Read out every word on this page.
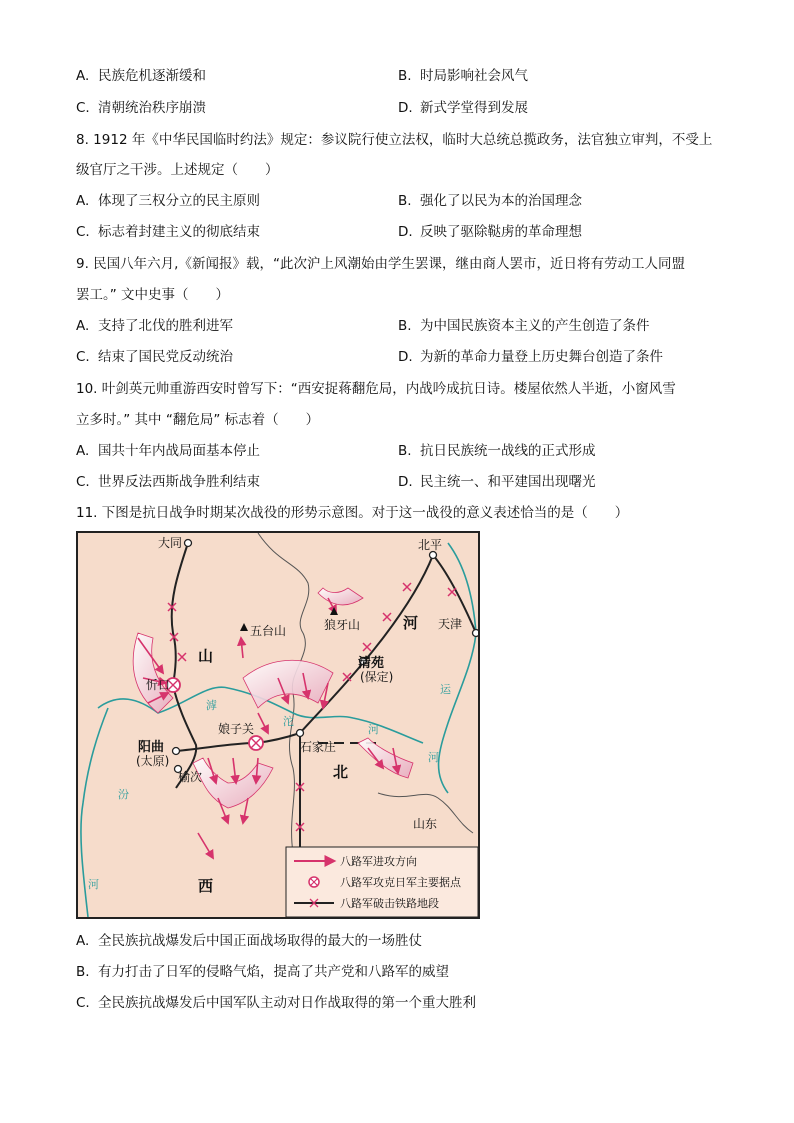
A. 民族危机逐渐缓和	B. 时局影响社会风气
C. 清朝统治秩序崩溃	D. 新式学堂得到发展
8. 1912 年《中华民国临时约法》规定：参议院行使立法权，临时大总统总揽政务，法官独立审判，不受上
级官厅之干涉。上述规定（　　）
A. 体现了三权分立的民主原则	B. 强化了以民为本的治国理念
C. 标志着封建主义的彻底结束	D. 反映了驱除鞑虏的革命理想
9. 民国八年六月,《新闻报》载，“此次沪上风潮始由学生罢课，继由商人罢市，近日将有劳动工人同盟
罢工。” 文中史事（　　）
A. 支持了北伐的胜利进军	B. 为中国民族资本主义的产生创造了条件
C. 结束了国民党反动统治	D. 为新的革命力量登上历史舞台创造了条件
10. 叶剑英元帅重游西安时曾写下：“西安捉蒋翻危局，内战吟成抗日诗。楼屋依然人半逝，小窗风雪
立多时。” 其中 “翻危局” 标志着（　　）
A. 国共十年内战局面基本停止	B. 抗日民族统一战线的正式形成
C. 世界反法西斯战争胜利结束	D. 民主统一、和平建国出现曙光
11. 下图是抗日战争时期某次战役的形势示意图。对于这一战役的意义表述恰当的是（　　）
大同	北平
天津
五台山	狼牙山
清苑
(保定)
忻口
娘子关
石家庄
阳曲
(太原)
榆次
山东
山
西
河
北
滹
沱
河
汾
河
运
河
八路军进攻方向
八路军攻克日军主要据点
八路军破击铁路地段
A. 全民族抗战爆发后中国正面战场取得的最大的一场胜仗
B. 有力打击了日军的侵略气焰，提高了共产党和八路军的威望
C. 全民族抗战爆发后中国军队主动对日作战取得的第一个重大胜利
